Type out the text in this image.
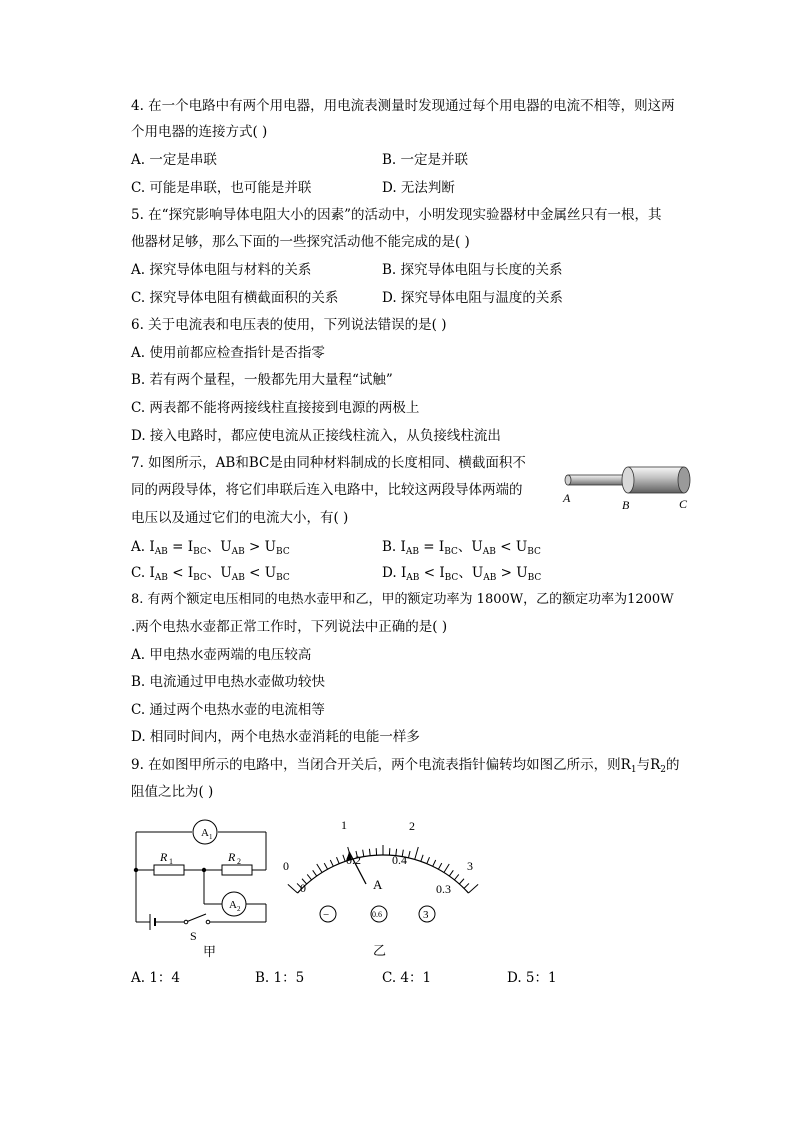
4. 在一个电路中有两个用电器，用电流表测量时发现通过每个用电器的电流不相等，则这两
个用电器的连接方式( )
A. 一定是串联	B. 一定是并联
C. 可能是串联，也可能是并联	D. 无法判断
5. 在“探究影响导体电阻大小的因素”的活动中，小明发现实验器材中金属丝只有一根，其
他器材足够，那么下面的一些探究活动他不能完成的是( )
A. 探究导体电阻与材料的关系	B. 探究导体电阻与长度的关系
C. 探究导体电阻有横截面积的关系	D. 探究导体电阻与温度的关系
6. 关于电流表和电压表的使用，下列说法错误的是( )
A. 使用前都应检查指针是否指零
B. 若有两个量程，一般都先用大量程“试触”
C. 两表都不能将两接线柱直接接到电源的两极上
D. 接入电路时，都应使电流从正接线柱流入，从负接线柱流出
7. 如图所示，AB和BC是由同种材料制成的长度相同、横截面积不
同的两段导体，将它们串联后连入电路中，比较这两段导体两端的
电压以及通过它们的电流大小，有( )
A	B	C
A. $I_{AB} = I_{BC}$、$U_{AB} > U_{BC}$	B. $I_{AB} = I_{BC}$、$U_{AB} < U_{BC}$
C. $I_{AB} < I_{BC}$、$U_{AB} < U_{BC}$	D. $I_{AB} < I_{BC}$、$U_{AB} > U_{BC}$
8. 有两个额定电压相同的电热水壶甲和乙，甲的额定功率为 1800W，乙的额定功率为1200W
.两个电热水壶都正常工作时，下列说法中正确的是( )
A. 甲电热水壶两端的电压较高
B. 电流通过甲电热水壶做功较快
C. 通过两个电热水壶的电流相等
D. 相同时间内，两个电热水壶消耗的电能一样多
9. 在如图甲所示的电路中，当闭合开关后，两个电流表指针偏转均如图乙所示，则$R_1$与$R_2$的
阻值之比为( )
A 1
A 2
R 1	R 2
S
甲
0
1	2
3
0
0.2	0.4
0.3
A
−	0.6	3
乙
A. 1：4	B. 1：5	C. 4：1	D. 5：1
